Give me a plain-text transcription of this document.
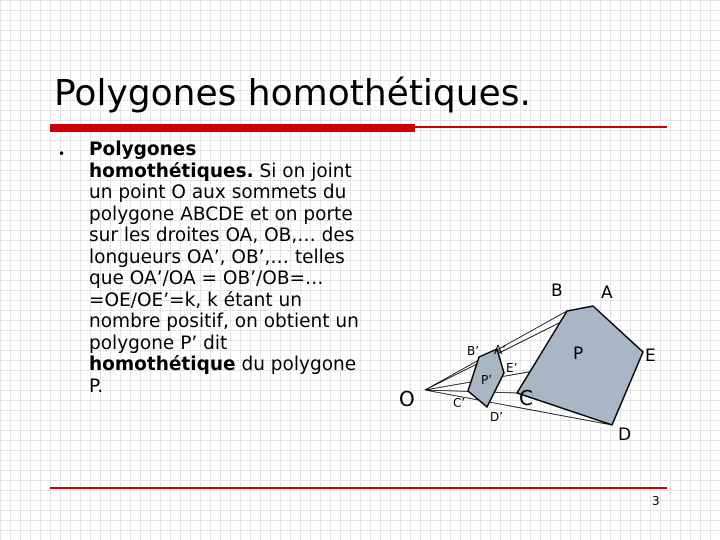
Polygones homothétiques.
• Polygones homothétiques. Si on joint un point O aux sommets du polygone ABCDE et on porte sur les droites OA, OB,… des longueurs OA’, OB’,… telles que OA’/OA = OB’/OB=…=OE/OE’=k, k étant un nombre positif, on obtient un polygone P’ dit homothétique du polygone P.

O
A
B
C
D
E
P
A’
B’
C’
D’
E’
P’
3
